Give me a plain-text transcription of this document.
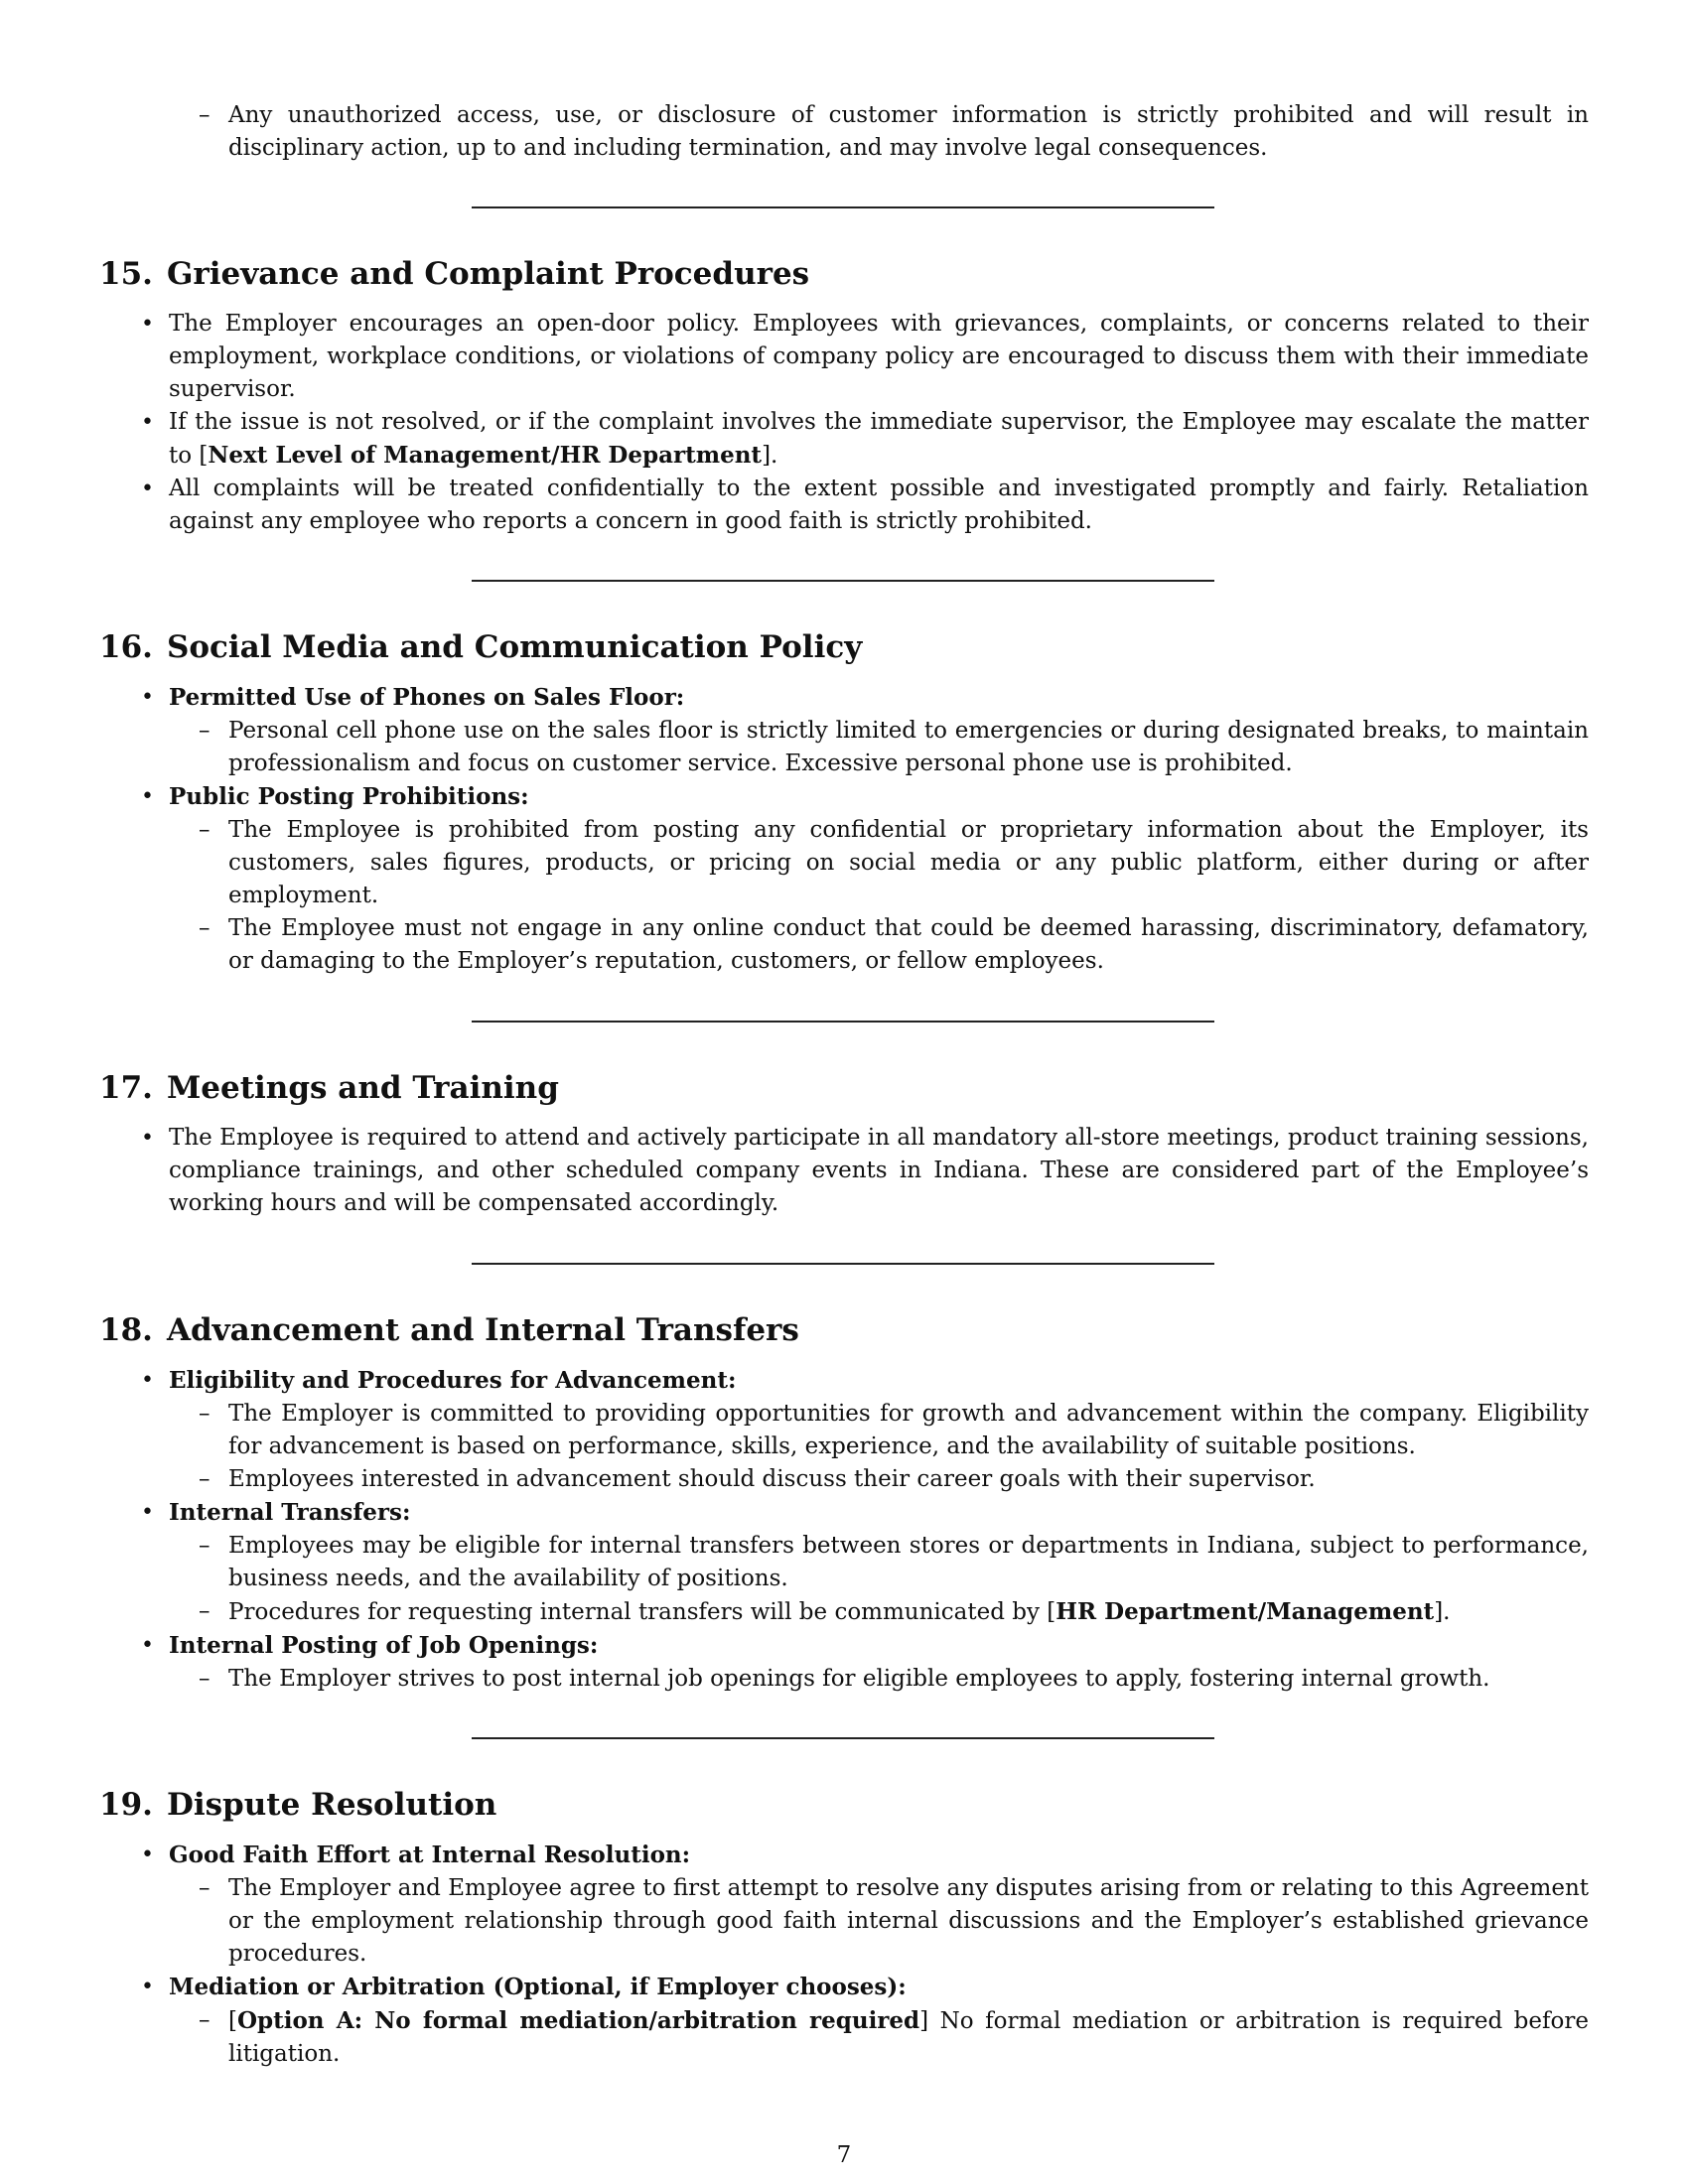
– Any unauthorized access, use, or disclosure of customer information is strictly prohibited and will result in disciplinary action, up to and including termination, and may involve legal consequences.
15. Grievance and Complaint Procedures
• The Employer encourages an open-door policy. Employees with grievances, complaints, or concerns related to their employment, workplace conditions, or violations of company policy are encouraged to discuss them with their immediate supervisor.
• If the issue is not resolved, or if the complaint involves the immediate supervisor, the Employee may escalate the matter to [Next Level of Management/HR Department].
• All complaints will be treated confidentially to the extent possible and investigated promptly and fairly. Retaliation against any employee who reports a concern in good faith is strictly prohibited.
16. Social Media and Communication Policy
• Permitted Use of Phones on Sales Floor:
– Personal cell phone use on the sales floor is strictly limited to emergencies or during designated breaks, to maintain professionalism and focus on customer service. Excessive personal phone use is prohibited.
• Public Posting Prohibitions:
– The Employee is prohibited from posting any confidential or proprietary information about the Employer, its customers, sales figures, products, or pricing on social media or any public platform, either during or after employment.
– The Employee must not engage in any online conduct that could be deemed harassing, discriminatory, defamatory, or damaging to the Employer’s reputation, customers, or fellow employees.
17. Meetings and Training
• The Employee is required to attend and actively participate in all mandatory all-store meetings, product training sessions, compliance trainings, and other scheduled company events in Indiana. These are considered part of the Employee’s working hours and will be compensated accordingly.
18. Advancement and Internal Transfers
• Eligibility and Procedures for Advancement:
– The Employer is committed to providing opportunities for growth and advancement within the company. Eligibility for advancement is based on performance, skills, experience, and the availability of suitable positions.
– Employees interested in advancement should discuss their career goals with their supervisor.
• Internal Transfers:
– Employees may be eligible for internal transfers between stores or departments in Indiana, subject to performance, business needs, and the availability of positions.
– Procedures for requesting internal transfers will be communicated by [HR Department/Management].
• Internal Posting of Job Openings:
– The Employer strives to post internal job openings for eligible employees to apply, fostering internal growth.
19. Dispute Resolution
• Good Faith Effort at Internal Resolution:
– The Employer and Employee agree to first attempt to resolve any disputes arising from or relating to this Agreement or the employment relationship through good faith internal discussions and the Employer’s established grievance procedures.
• Mediation or Arbitration (Optional, if Employer chooses):
– [Option A: No formal mediation/arbitration required] No formal mediation or arbitration is required before litigation.
7
